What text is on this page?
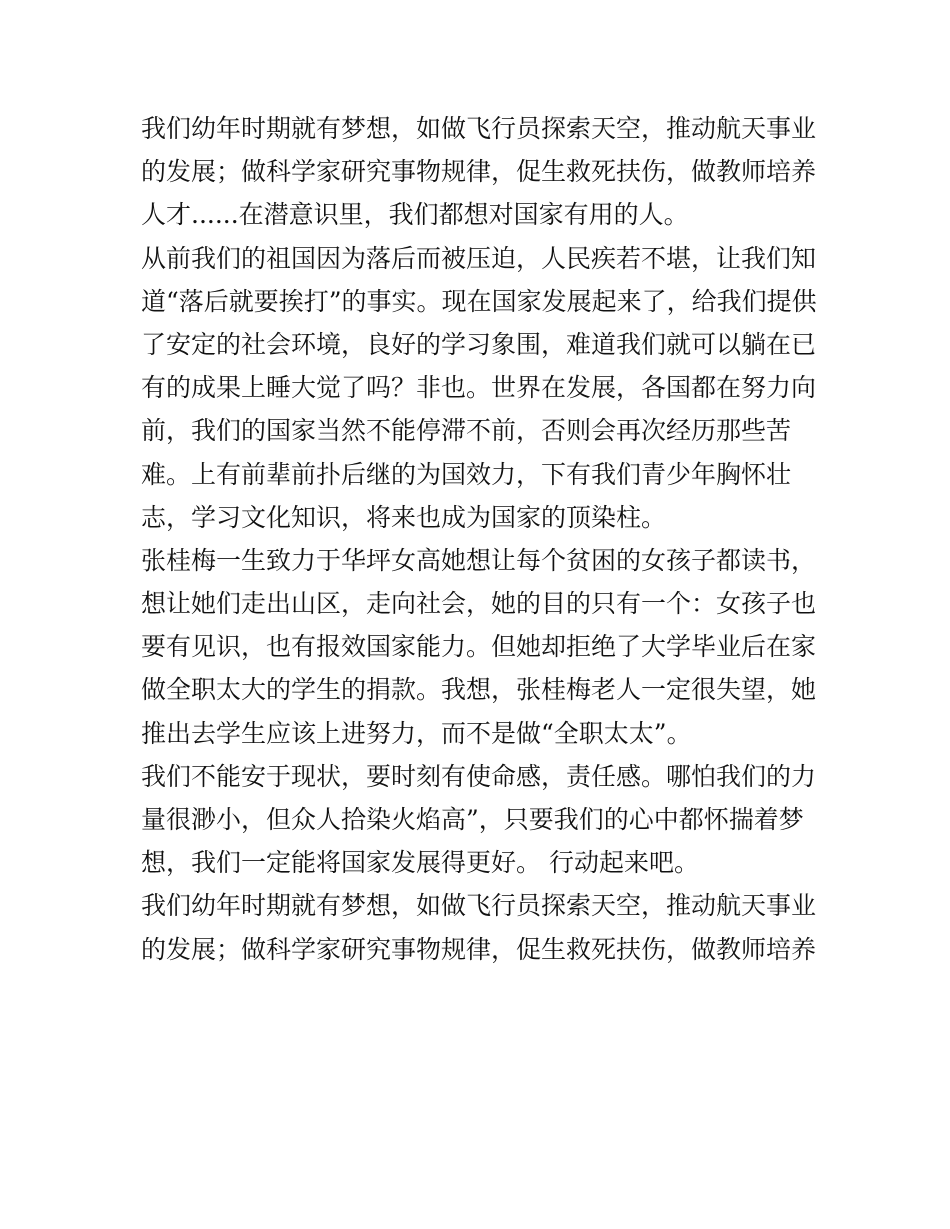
我们幼年时期就有梦想，如做飞行员探索天空，推动航天事业
的发展；做科学家研究事物规律，促生救死扶伤，做教师培养
人才......在潜意识里，我们都想对国家有用的人。
从前我们的祖国因为落后而被压迫，人民疾若不堪，让我们知
道“落后就要挨打”的事实。现在国家发展起来了，给我们提供
了安定的社会环境，良好的学习象围，难道我们就可以躺在已
有的成果上睡大觉了吗？非也。世界在发展，各国都在努力向
前，我们的国家当然不能停滞不前，否则会再次经历那些苦
难。上有前辈前扑后继的为国效力，下有我们青少年胸怀壮
志，学习文化知识，将来也成为国家的顶染柱。
张桂梅一生致力于华坪女高她想让每个贫困的女孩子都读书，
想让她们走出山区，走向社会，她的目的只有一个：女孩子也
要有见识，也有报效国家能力。但她却拒绝了大学毕业后在家
做全职太大的学生的捐款。我想，张桂梅老人一定很失望，她
推出去学生应该上进努力，而不是做“全职太太”。
我们不能安于现状，要时刻有使命感，责任感。哪怕我们的力
量很渺小，但众人拾染火焰高”，只要我们的心中都怀揣着梦
想，我们一定能将国家发展得更好。 行动起来吧。
我们幼年时期就有梦想，如做飞行员探索天空，推动航天事业
的发展；做科学家研究事物规律，促生救死扶伤，做教师培养
